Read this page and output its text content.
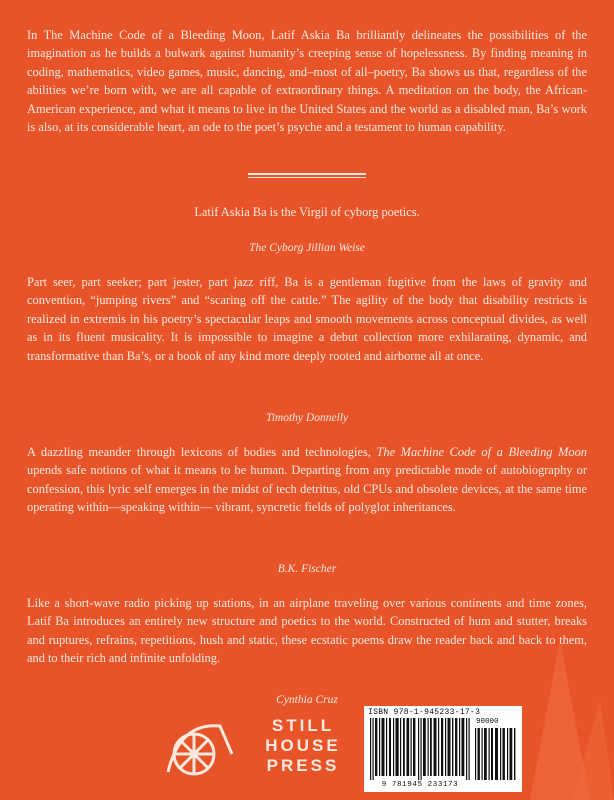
In The Machine Code of a Bleeding Moon, Latif Askia Ba brilliantly delineates the possibilities of the imagination as he builds a bulwark against humanity’s creeping sense of hopelessness. By finding meaning in coding, mathematics, video games, music, dancing, and–most of all–poetry, Ba shows us that, regardless of the abilities we’re born with, we are all capable of extraordinary things. A meditation on the body, the African-American experience, and what it means to live in the United States and the world as a disabled man, Ba’s work is also, at its considerable heart, an ode to the poet’s psyche and a testament to human capability.

Latif Askia Ba is the Virgil of cyborg poetics.

The Cyborg Jillian Weise

Part seer, part seeker; part jester, part jazz riff, Ba is a gentleman fugitive from the laws of gravity and convention, “jumping rivers” and “scaring off the cattle.” The agility of the body that disability restricts is realized in extremis in his poetry’s spectacular leaps and smooth movements across conceptual divides, as well as in its fluent musicality. It is impossible to imagine a debut collection more exhilarating, dynamic, and transformative than Ba’s, or a book of any kind more deeply rooted and airborne all at once.

Timothy Donnelly

A dazzling meander through lexicons of bodies and technologies, The Machine Code of a Bleeding Moon upends safe notions of what it means to be human. Departing from any predictable mode of autobiography or confession, this lyric self emerges in the midst of tech detritus, old CPUs and obsolete devices, at the same time operating within—speaking within— vibrant, syncretic fields of polyglot inheritances.

B.K. Fischer

Like a short-wave radio picking up stations, in an airplane traveling over various continents and time zones, Latif Ba introduces an entirely new structure and poetics to the world. Constructed of hum and stutter, breaks and ruptures, refrains, repetitions, hush and static, these ecstatic poems draw the reader back and back to them, and to their rich and infinite unfolding.

Cynthia Cruz

STILL
HOUSE
PRESS
ISBN 978-1-945233-17-3
90000
9 781945 233173
